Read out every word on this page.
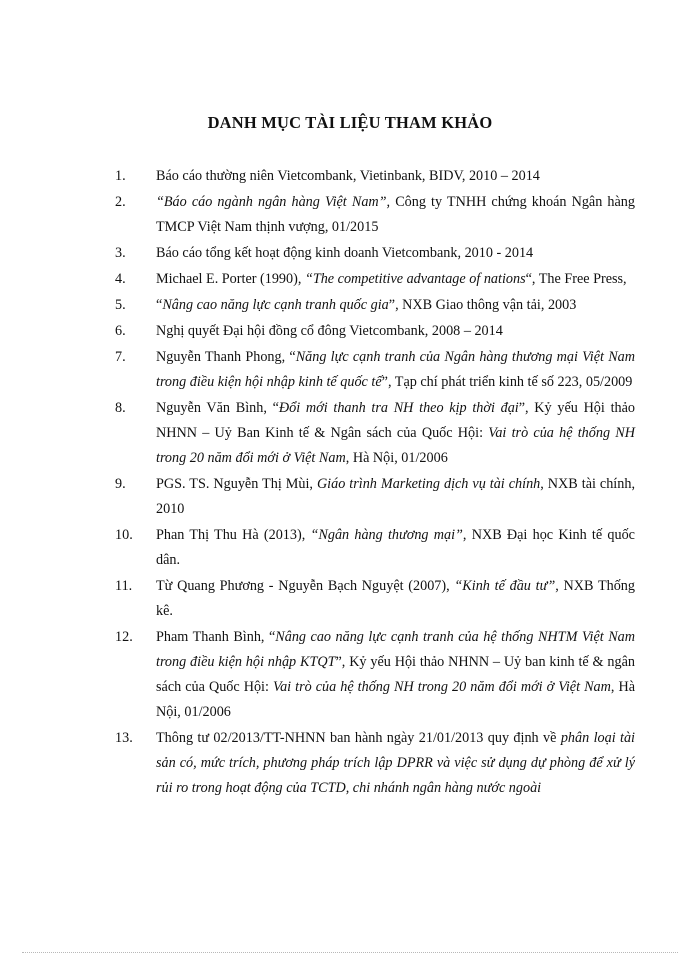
DANH MỤC TÀI LIỆU THAM KHẢO
1.	Báo cáo thường niên Vietcombank, Vietinbank, BIDV, 2010 – 2014
2.	“Báo cáo ngành ngân hàng Việt Nam”, Công ty TNHH chứng khoán Ngân hàng TMCP Việt Nam thịnh vượng, 01/2015
3.	Báo cáo tổng kết hoạt động kinh doanh Vietcombank, 2010 - 2014
4.	Michael E. Porter (1990), “The competitive advantage of nations“, The Free Press,
5.	“Nâng cao năng lực cạnh tranh quốc gia”, NXB Giao thông vận tải, 2003
6.	Nghị quyết Đại hội đồng cổ đông Vietcombank, 2008 – 2014
7.	Nguyễn Thanh Phong, “Năng lực cạnh tranh của Ngân hàng thương mại Việt Nam trong điều kiện hội nhập kinh tế quốc tế”, Tạp chí phát triển kinh tế số 223, 05/2009
8.	Nguyễn Văn Bình, “Đổi mới thanh tra NH theo kịp thời đại”, Kỷ yếu Hội thảo NHNN – Uỷ Ban Kinh tế & Ngân sách của Quốc Hội: Vai trò của hệ thống NH trong 20 năm đổi mới ở Việt Nam, Hà Nội, 01/2006
9.	PGS. TS. Nguyễn Thị Mùi, Giáo trình Marketing dịch vụ tài chính, NXB tài chính, 2010
10.	Phan Thị Thu Hà (2013), “Ngân hàng thương mại”, NXB Đại học Kinh tế quốc dân.
11.	Từ Quang Phương - Nguyễn Bạch Nguyệt (2007), “Kinh tế đầu tư”, NXB Thống kê.
12.	Pham Thanh Bình, “Nâng cao năng lực cạnh tranh của hệ thống NHTM Việt Nam trong điều kiện hội nhập KTQT”, Kỷ yếu Hội thảo NHNN – Uỷ ban kinh tế & ngân sách của Quốc Hội: Vai trò của hệ thống NH trong 20 năm đổi mới ở Việt Nam, Hà Nội, 01/2006
13.	Thông tư 02/2013/TT-NHNN ban hành ngày 21/01/2013 quy định về phân loại tài sản có, mức trích, phương pháp trích lập DPRR và việc sử dụng dự phòng để xử lý rủi ro trong hoạt động của TCTD, chi nhánh ngân hàng nước ngoài
